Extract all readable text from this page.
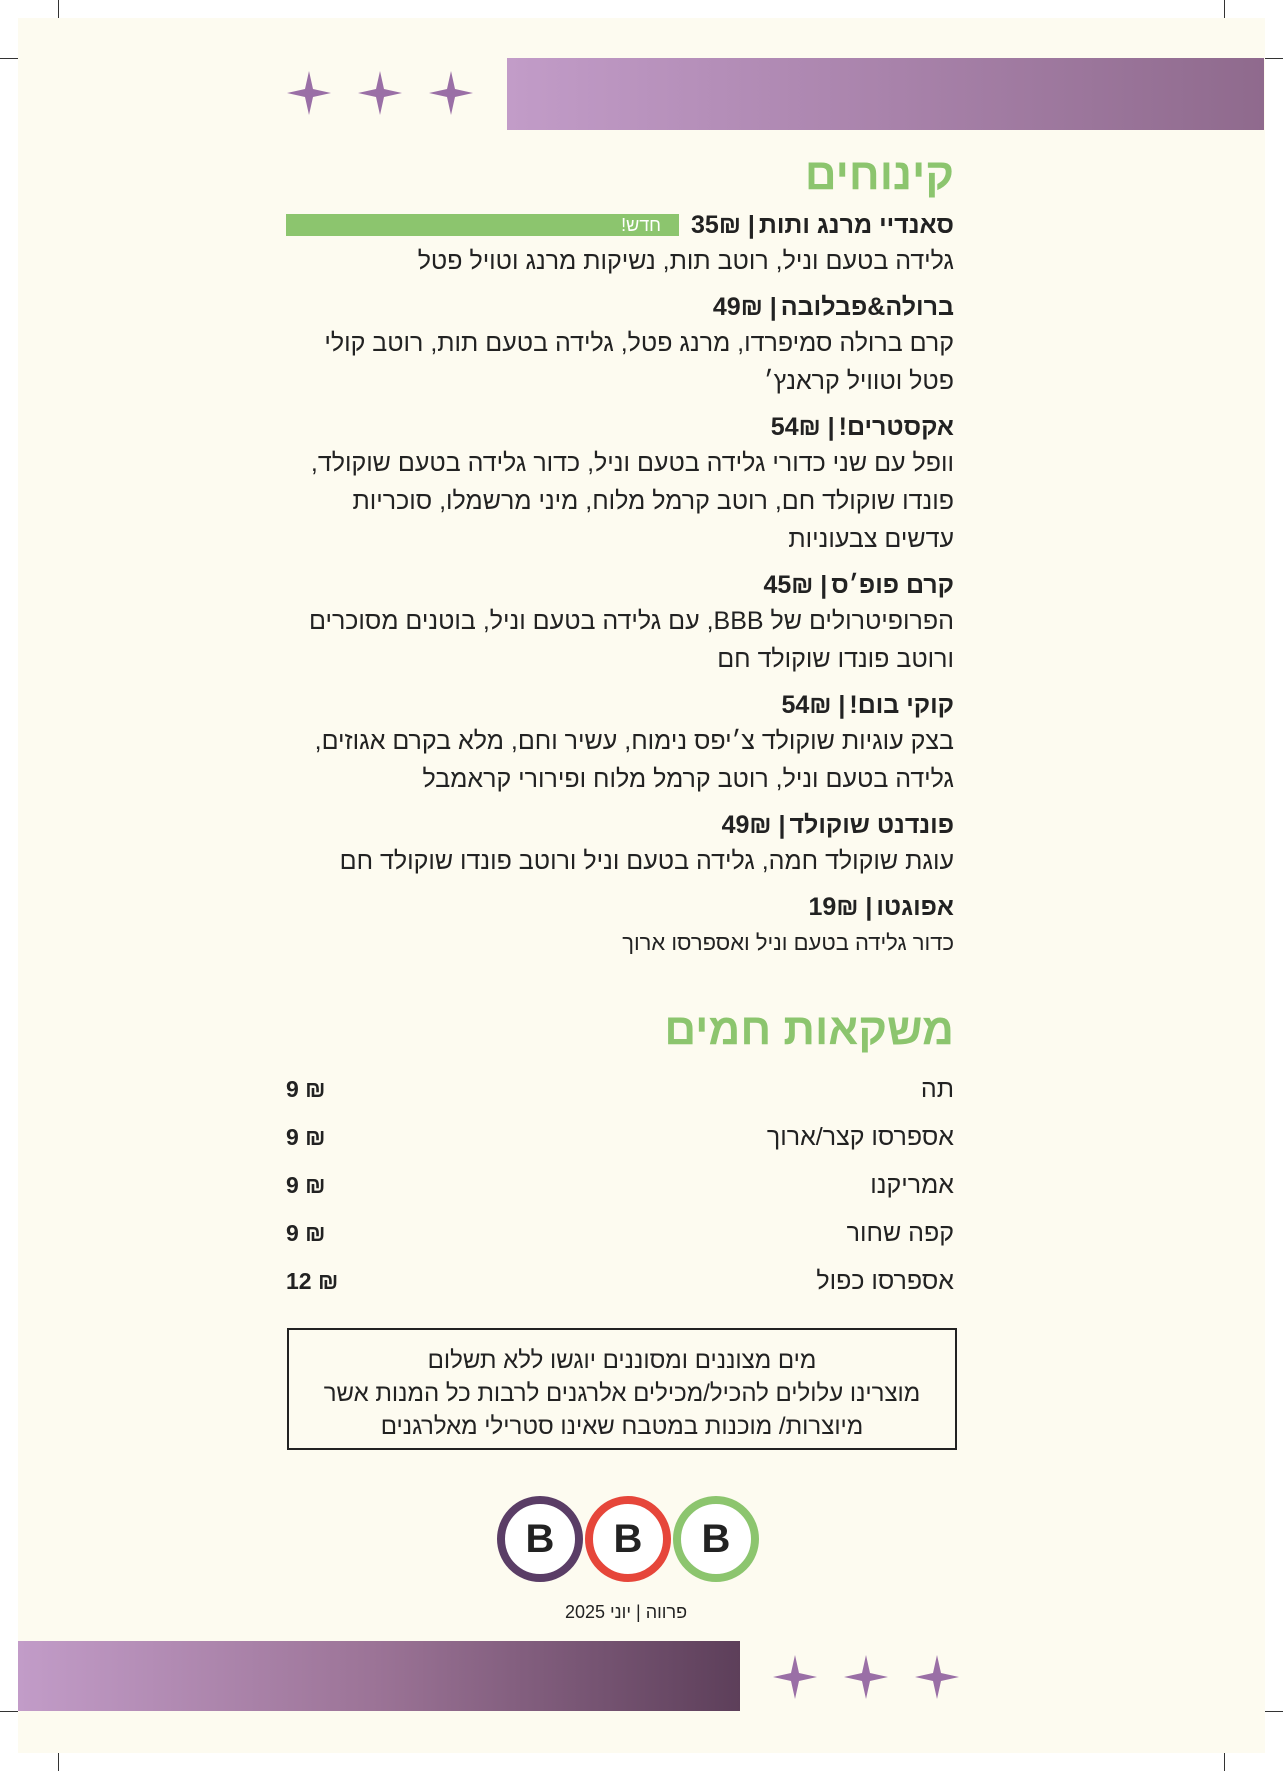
קינוחים
סאנדיי מרנג ותות
| 35₪
חדש!
גלידה בטעם וניל, רוטב תות, נשיקות מרנג וטויל פטל
ברולה&פבלובה
| 49₪
קרם ברולה סמיפרדו, מרנג פטל, גלידה בטעם תות, רוטב קולי פטל וטוויל קראנץ׳
אקסטרים!
| 54₪
וופל עם שני כדורי גלידה בטעם וניל, כדור גלידה בטעם שוקולד, פונדו שוקולד חם, רוטב קרמל מלוח, מיני מרשמלו, סוכריות עדשים צבעוניות
קרם פופ׳ס
| 45₪
הפרופיטרולים של BBB, עם גלידה בטעם וניל, בוטנים מסוכרים ורוטב פונדו שוקולד חם
קוקי בום!
| 54₪
בצק עוגיות שוקולד צ׳יפס נימוח, עשיר וחם, מלא בקרם אגוזים, גלידה בטעם וניל, רוטב קרמל מלוח ופירורי קראמבל
פונדנט שוקולד
| 49₪
עוגת שוקולד חמה, גלידה בטעם וניל ורוטב פונדו שוקולד חם
אפוגטו
| 19₪
כדור גלידה בטעם וניל ואספרסו ארוך
משקאות חמים
תה
9 ₪
אספרסו קצר/ארוך
9 ₪
אמריקנו
9 ₪
קפה שחור
9 ₪
אספרסו כפול
12 ₪
מים מצוננים ומסוננים יוגשו ללא תשלום
מוצרינו עלולים להכיל/מכילים אלרגנים לרבות כל המנות אשר
מיוצרות/ מוכנות במטבח שאינו סטרילי מאלרגנים
B	B	B
פרווה | יוני 2025
